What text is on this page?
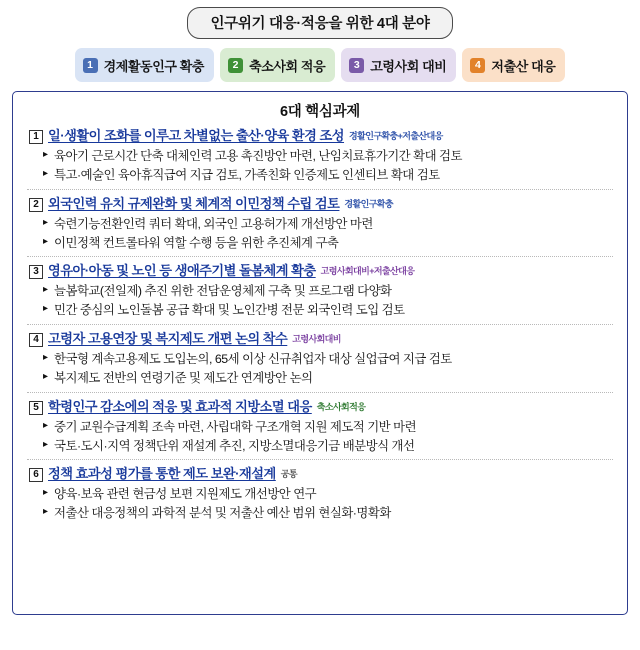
인구위기 대응·적응을 위한 4대 분야
1 경제활동인구 확충	2 축소사회 적응	3 고령사회 대비	4 저출산 대응
6대 핵심과제
1 일·생활이 조화를 이루고 차별없는 출산·양육 환경 조성 경활인구확충+저출산대응
▸ 육아기 근로시간 단축 대체인력 고용 촉진방안 마련, 난임치료휴가기간 확대 검토
▸ 특고·예술인 육아휴직급여 지급 검토, 가족친화 인증제도 인센티브 확대 검토
2 외국인력 유치 규제완화 및 체계적 이민정책 수립 검토 경활인구확충
▸ 숙련기능전환인력 쿼터 확대, 외국인 고용허가제 개선방안 마련
▸ 이민정책 컨트롤타워 역할 수행 등을 위한 추진체계 구축
3 영유아·아동 및 노인 등 생애주기별 돌봄체계 확충 고령사회대비+저출산대응
▸ 늘봄학교(전일제) 추진 위한 전담운영체제 구축 및 프로그램 다양화
▸ 민간 중심의 노인돌봄 공급 확대 및 노인간병 전문 외국인력 도입 검토
4 고령자 고용연장 및 복지제도 개편 논의 착수 고령사회대비
▸ 한국형 계속고용제도 도입논의, 65세 이상 신규취업자 대상 실업급여 지급 검토
▸ 복지제도 전반의 연령기준 및 제도간 연계방안 논의
5 학령인구 감소에의 적응 및 효과적 지방소멸 대응 축소사회적응
▸ 중기 교원수급계획 조속 마련, 사립대학 구조개혁 지원 제도적 기반 마련
▸ 국토·도시·지역 정책단위 재설계 추진, 지방소멸대응기금 배분방식 개선
6 정책 효과성 평가를 통한 제도 보완·재설계 공통
▸ 양육·보육 관련 현금성 보편 지원제도 개선방안 연구
▸ 저출산 대응정책의 과학적 분석 및 저출산 예산 범위 현실화·명확화
